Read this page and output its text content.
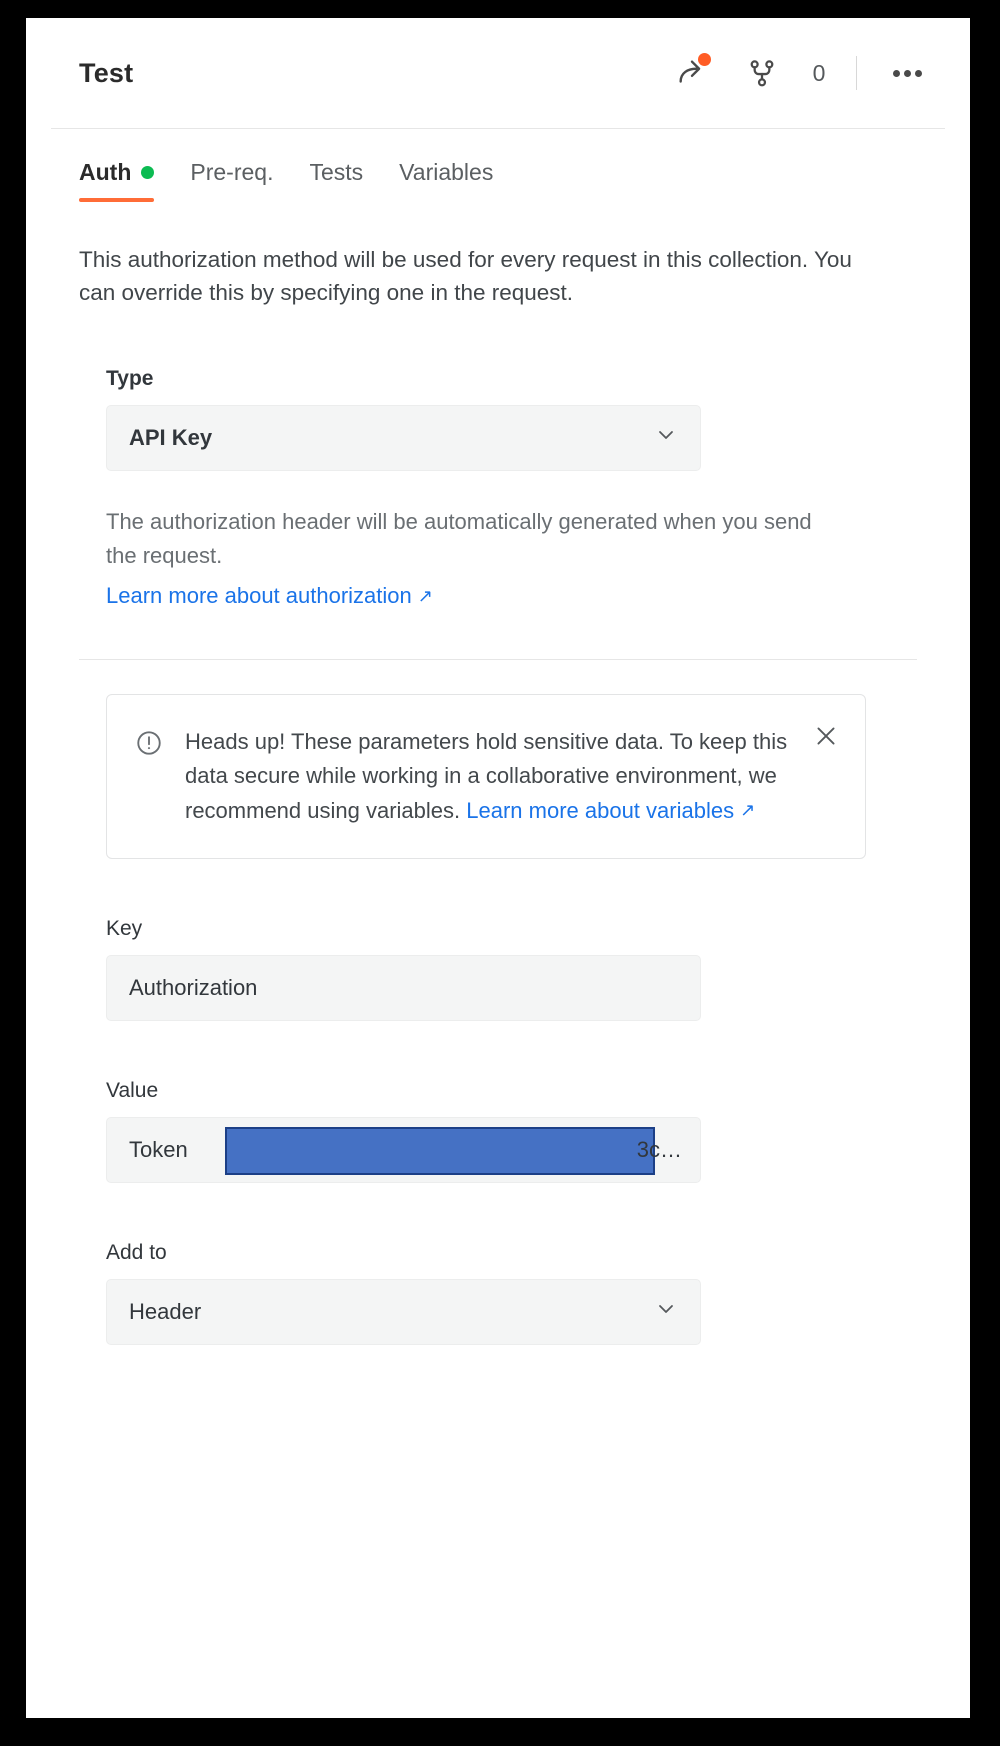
Test	0
Auth	Pre-req. Tests Variables
This authorization method will be used for every request in this collection. You can override this by specifying one in the request.
Type
API Key
The authorization header will be automatically generated when you send the request.
Learn more about authorization ↗
Heads up! These parameters hold sensitive data. To keep this data secure while working in a collaborative environment, we recommend using variables. Learn more about variables ↗
Key
Authorization
Value
Token	3c…
Add to
Header
